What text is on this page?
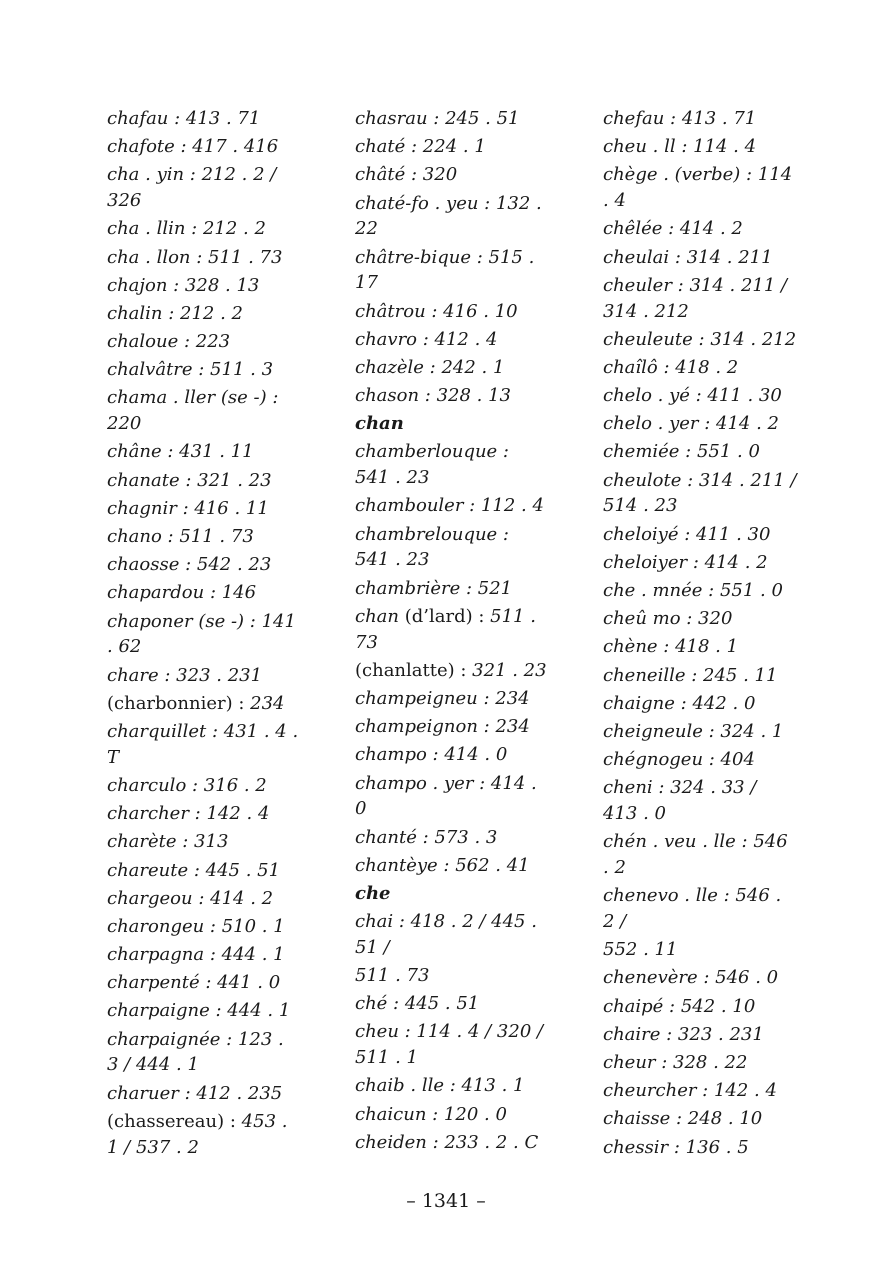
chafau : 413 . 71
chafote : 417 . 416
cha . yin : 212 . 2 /
326
cha . llin : 212 . 2
cha . llon : 511 . 73
chajon : 328 . 13
chalin : 212 . 2
chaloue : 223
chalvâtre : 511 . 3
chama . ller (se -) :
220
châne : 431 . 11
chanate : 321 . 23
chagnir : 416 . 11
chano : 511 . 73
chaosse : 542 . 23
chapardou : 146
chaponer (se -) : 141
. 62
chare : 323 . 231
(charbonnier) : 234
charquillet : 431 . 4 .
T
charculo : 316 . 2
charcher : 142 . 4
charète : 313
chareute : 445 . 51
chargeou : 414 . 2
charongeu : 510 . 1
charpagna : 444 . 1
charpenté : 441 . 0
charpaigne : 444 . 1
charpaignée : 123 .
3 / 444 . 1
charuer : 412 . 235
(chassereau) : 453 .
1 / 537 . 2
chasrau : 245 . 51
chaté : 224 . 1
châté : 320
chaté-fo . yeu : 132 .
22
châtre-bique : 515 .
17
châtrou : 416 . 10
chavro : 412 . 4
chazèle : 242 . 1
chason : 328 . 13
chan
chamberlouque :
541 . 23
chambouler : 112 . 4
chambrelouque :
541 . 23
chambrière : 521
chan (d’lard) : 511 .
73
(chanlatte) : 321 . 23
champeigneu : 234
champeignon : 234
champo : 414 . 0
champo . yer : 414 .
0
chanté : 573 . 3
chantèye : 562 . 41
che
chai : 418 . 2 / 445 .
51 /
511 . 73
ché : 445 . 51
cheu : 114 . 4 / 320 /
511 . 1
chaib . lle : 413 . 1
chaicun : 120 . 0
cheiden : 233 . 2 . C
chefau : 413 . 71
cheu . ll : 114 . 4
chège . (verbe) : 114
. 4
chêlée : 414 . 2
cheulai : 314 . 211
cheuler : 314 . 211 /
314 . 212
cheuleute : 314 . 212
chaîlô : 418 . 2
chelo . yé : 411 . 30
chelo . yer : 414 . 2
chemiée : 551 . 0
cheulote : 314 . 211 /
514 . 23
cheloiyé : 411 . 30
cheloiyer : 414 . 2
che . mnée : 551 . 0
cheû mo : 320
chène : 418 . 1
cheneille : 245 . 11
chaigne : 442 . 0
cheigneule : 324 . 1
chégnogeu : 404
cheni : 324 . 33 /
413 . 0
chén . veu . lle : 546
. 2
chenevo . lle : 546 .
2 /
552 . 11
chenevère : 546 . 0
chaipé : 542 . 10
chaire : 323 . 231
cheur : 328 . 22
cheurcher : 142 . 4
chaisse : 248 . 10
chessir : 136 . 5
– 1341 –
